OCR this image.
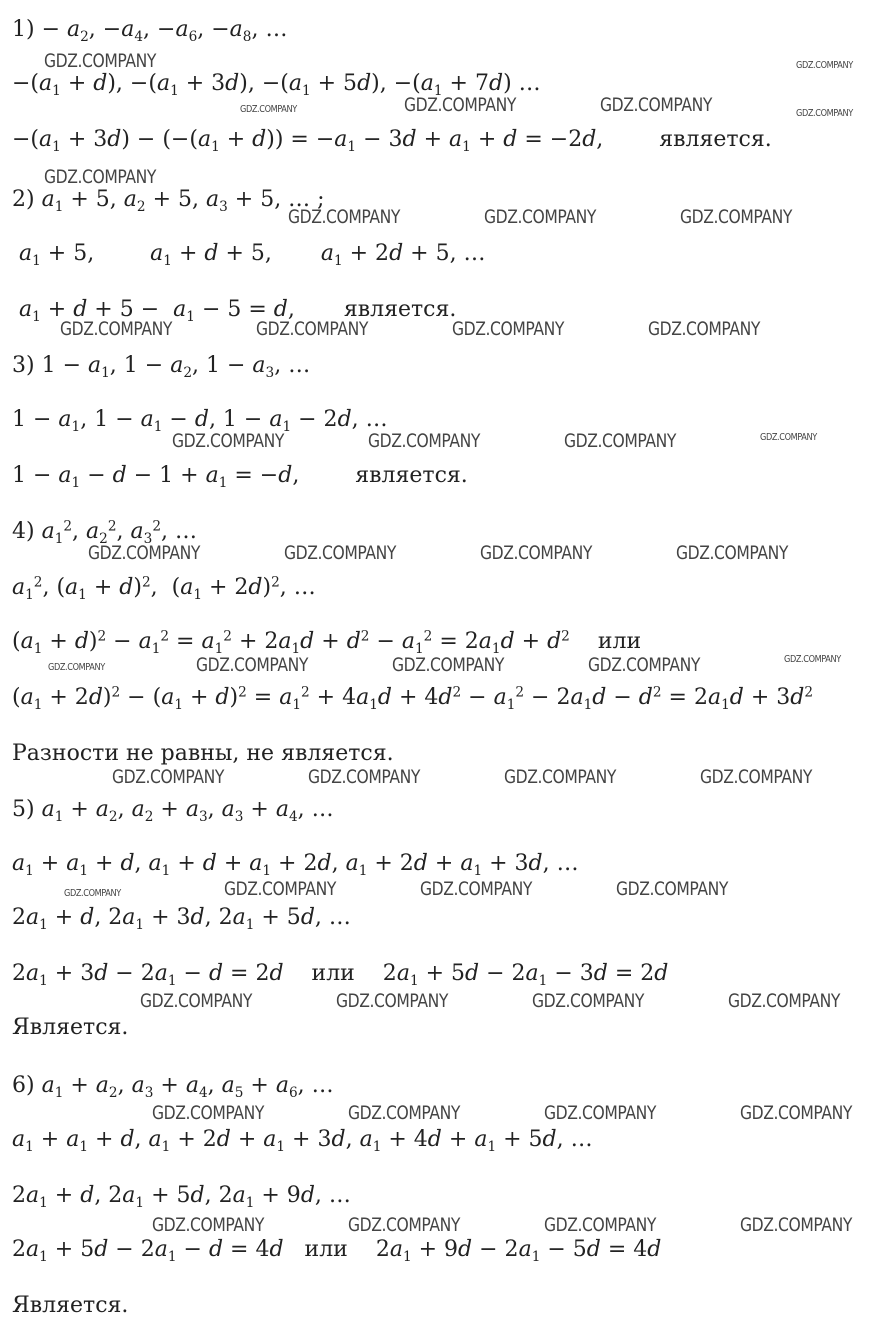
$1) - a_2$, $-a_4$, $-a_6$, $-a_8$, …
$-(a_1 + d)$, $-(a_1 + 3d)$, $-(a_1 + 5d)$, $-(a_1 + 7d)$ …
$-(a_1 + 3d) - (-(a_1 + d)) = -a_1 - 3d + a_1 + d = -2d$,        является.
2) $a_1 + 5$, $a_2 + 5$, $a_3 + 5$, … ;
$a_1 + 5$,        $a_1 + d + 5$,       $a_1 + 2d + 5$, …
$a_1 + d + 5 - a_1 - 5 = d$,       является.
3) $1 - a_1$, $1 - a_2$, $1 - a_3$, …
$1 - a_1$, $1 - a_1 - d$, $1 - a_1 - 2d$, …
$1 - a_1 - d - 1 + a_1 = -d$,        является.
4) $a_1^2$, $a_2^2$, $a_3^2$, …
$a_1^2$, $(a_1 + d)^2$,  $(a_1 + 2d)^2$, …
$(a_1 + d)^2 - a_1^2 = a_1^2 + 2a_1d + d^2 - a_1^2 = 2a_1d + d^2$    или
$(a_1 + 2d)^2 - (a_1 + d)^2 = a_1^2 + 4a_1d + 4d^2 - a_1^2 - 2a_1d - d^2 = 2a_1d + 3d^2$
Разности не равны, не является.
5) $a_1 + a_2$, $a_2 + a_3$, $a_3 + a_4$, …
$a_1 + a_1 + d$, $a_1 + d + a_1 + 2d$, $a_1 + 2d + a_1 + 3d$, …
$2a_1 + d$, $2a_1 + 3d$, $2a_1 + 5d$, …
$2a_1 + 3d - 2a_1 - d = 2d$    или    $2a_1 + 5d - 2a_1 - 3d = 2d$
Является.
6) $a_1 + a_2$, $a_3 + a_4$, $a_5 + a_6$, …
$a_1 + a_1 + d$, $a_1 + 2d + a_1 + 3d$, $a_1 + 4d + a_1 + 5d$, …
$2a_1 + d$, $2a_1 + 5d$, $2a_1 + 9d$, …
$2a_1 + 5d - 2a_1 - d = 4d$   или    $2a_1 + 9d - 2a_1 - 5d = 4d$
Является.
GDZ.COMPANY	GDZ.COMPANY
GDZ.COMPANY	GDZ.COMPANY	GDZ.COMPANY	GDZ.COMPANY
GDZ.COMPANY
GDZ.COMPANY	GDZ.COMPANY	GDZ.COMPANY
GDZ.COMPANY	GDZ.COMPANY	GDZ.COMPANY	GDZ.COMPANY
GDZ.COMPANY	GDZ.COMPANY	GDZ.COMPANY	GDZ.COMPANY
GDZ.COMPANY	GDZ.COMPANY	GDZ.COMPANY	GDZ.COMPANY
GDZ.COMPANY	GDZ.COMPANY	GDZ.COMPANY	GDZ.COMPANY	GDZ.COMPANY
GDZ.COMPANY	GDZ.COMPANY	GDZ.COMPANY	GDZ.COMPANY
GDZ.COMPANY	GDZ.COMPANY	GDZ.COMPANY	GDZ.COMPANY
GDZ.COMPANY	GDZ.COMPANY	GDZ.COMPANY	GDZ.COMPANY
GDZ.COMPANY	GDZ.COMPANY	GDZ.COMPANY	GDZ.COMPANY
GDZ.COMPANY	GDZ.COMPANY	GDZ.COMPANY	GDZ.COMPANY
